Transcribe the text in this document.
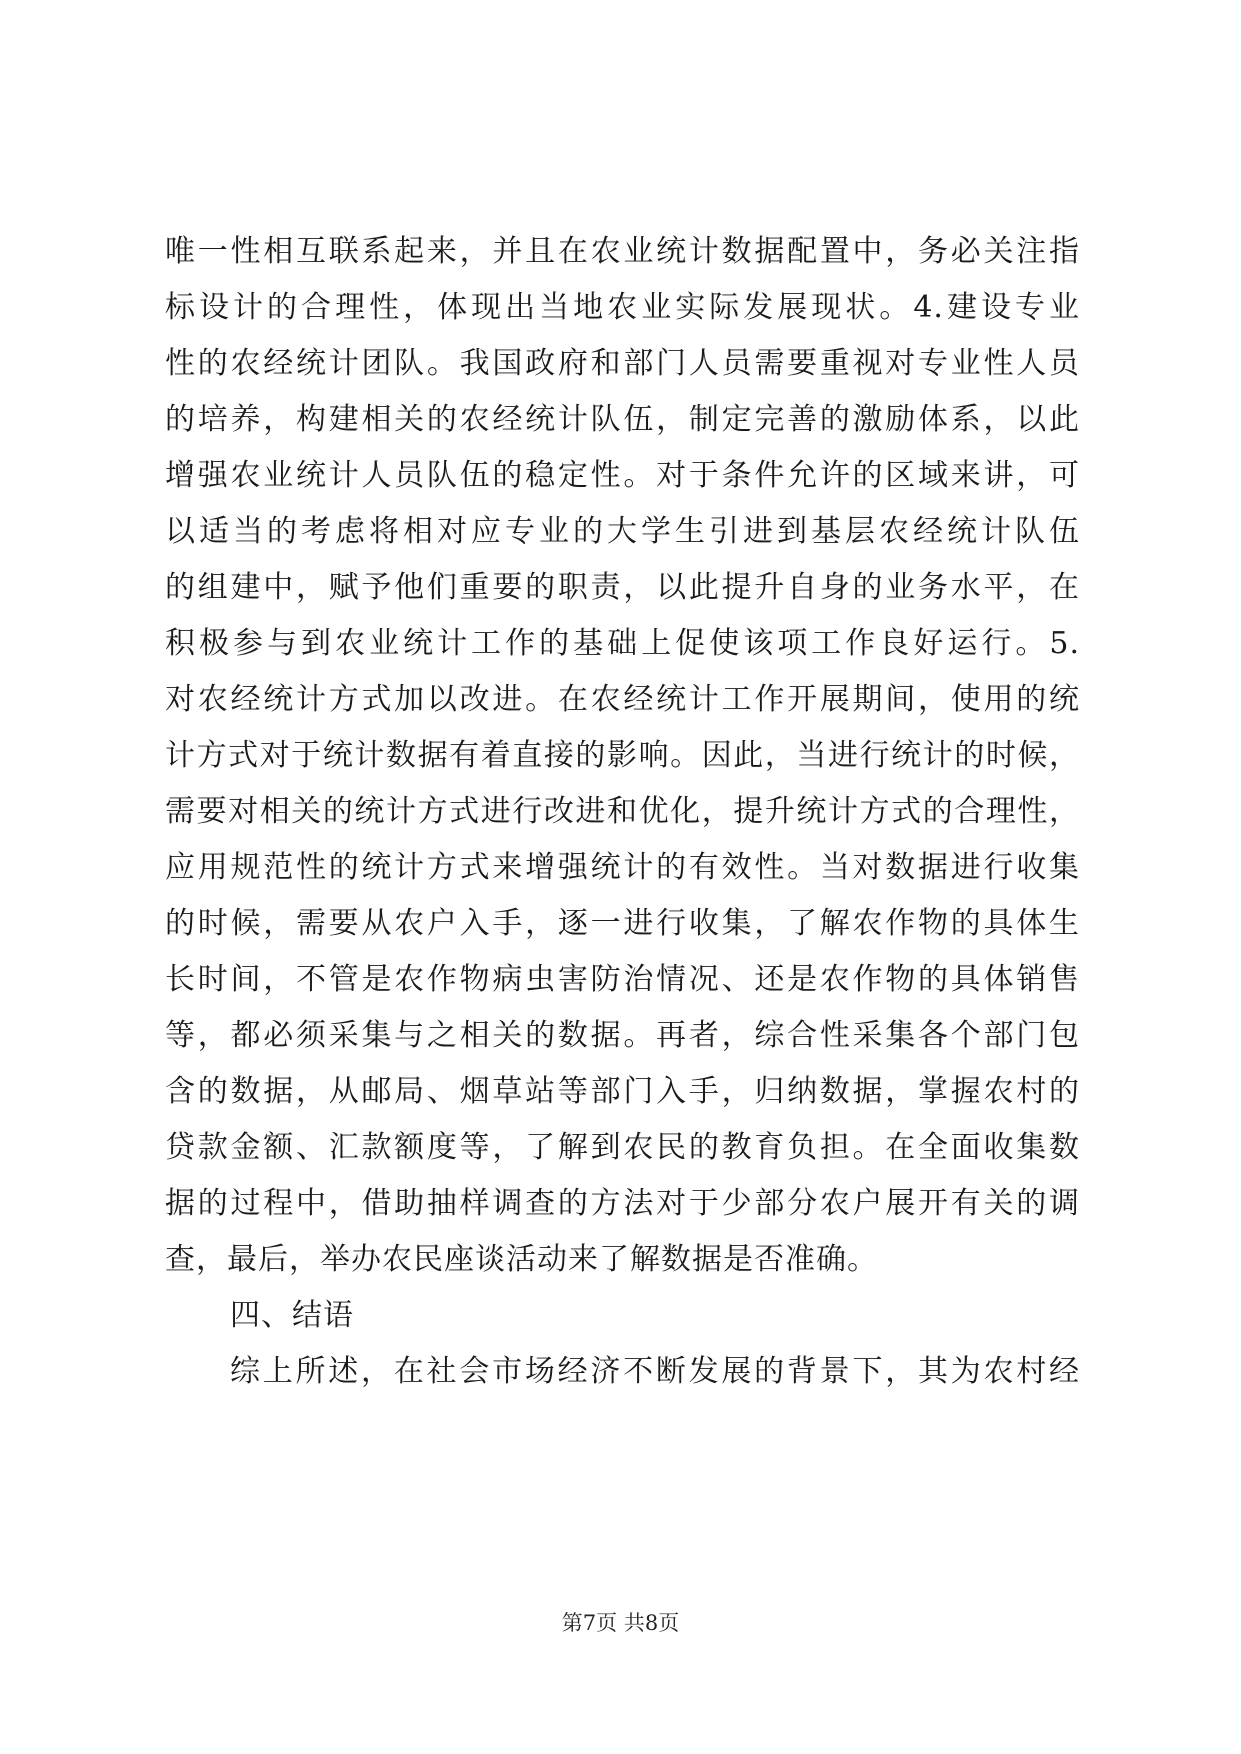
唯一性相互联系起来，并且在农业统计数据配置中，务必关注指
标设计的合理性，体现出当地农业实际发展现状。4.建设专业
性的农经统计团队。我国政府和部门人员需要重视对专业性人员
的培养，构建相关的农经统计队伍，制定完善的激励体系，以此
增强农业统计人员队伍的稳定性。对于条件允许的区域来讲，可
以适当的考虑将相对应专业的大学生引进到基层农经统计队伍
的组建中，赋予他们重要的职责，以此提升自身的业务水平，在
积极参与到农业统计工作的基础上促使该项工作良好运行。5.
对农经统计方式加以改进。在农经统计工作开展期间，使用的统
计方式对于统计数据有着直接的影响。因此，当进行统计的时候，
需要对相关的统计方式进行改进和优化，提升统计方式的合理性，
应用规范性的统计方式来增强统计的有效性。当对数据进行收集
的时候，需要从农户入手，逐一进行收集，了解农作物的具体生
长时间，不管是农作物病虫害防治情况、还是农作物的具体销售
等，都必须采集与之相关的数据。再者，综合性采集各个部门包
含的数据，从邮局、烟草站等部门入手，归纳数据，掌握农村的
贷款金额、汇款额度等，了解到农民的教育负担。在全面收集数
据的过程中，借助抽样调查的方法对于少部分农户展开有关的调
查，最后，举办农民座谈活动来了解数据是否准确。
四、结语
综上所述，在社会市场经济不断发展的背景下，其为农村经
第7页 共8页
